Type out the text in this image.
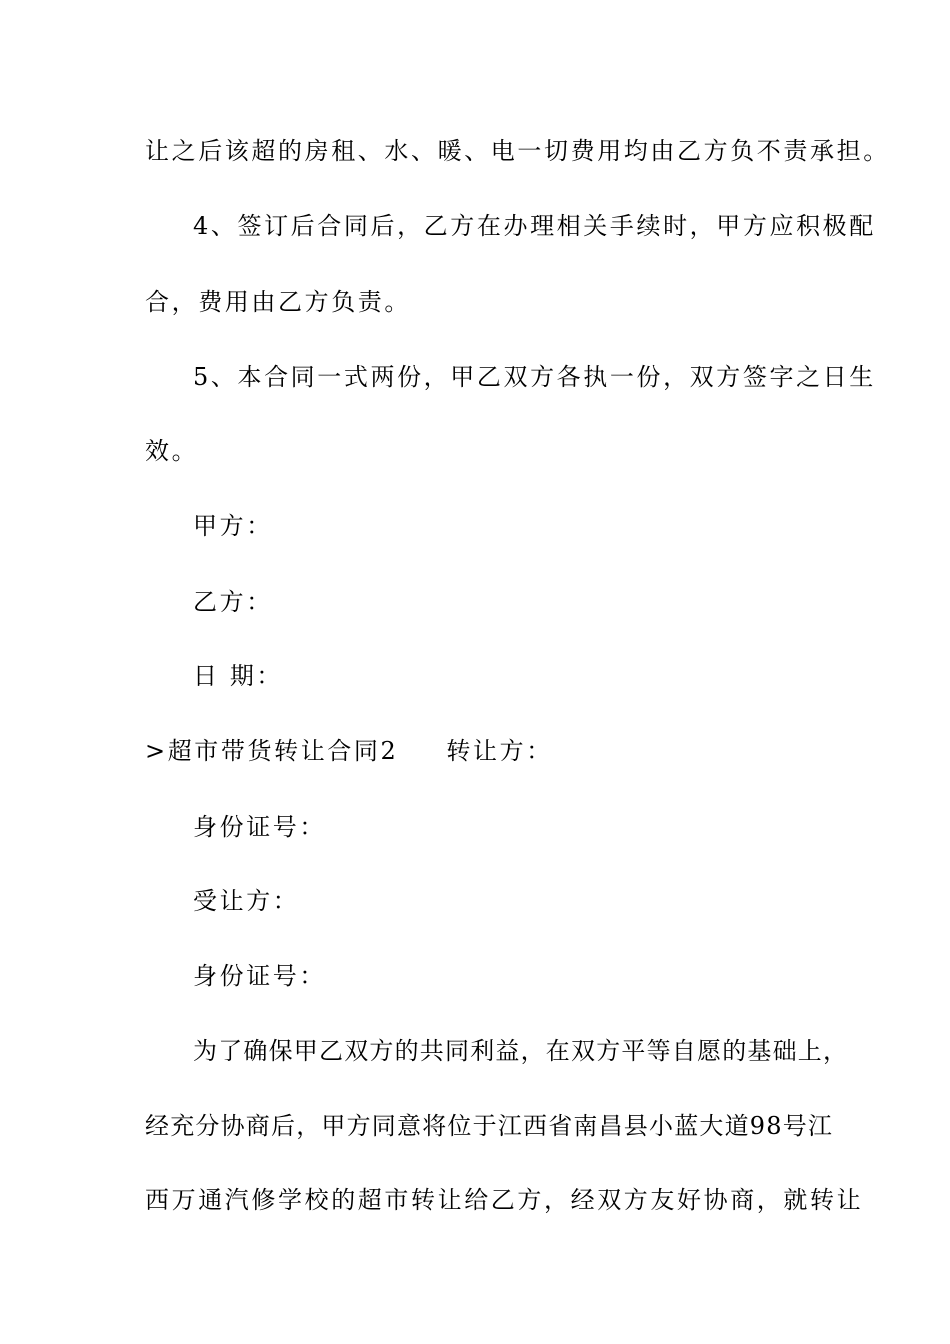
让之后该超的房租、水、暖、电一切费用均由乙方负不责承担。
4、签订后合同后，乙方在办理相关手续时，甲方应积极配
合，费用由乙方负责。
5、本合同一式两份，甲乙双方各执一份，双方签字之日生
效。
甲方：
乙方：
日 期：
>超市带货转让合同2 转让方：
身份证号：
受让方：
身份证号：
为了确保甲乙双方的共同利益，在双方平等自愿的基础上，
经充分协商后，甲方同意将位于江西省南昌县小蓝大道98号江
西万通汽修学校的超市转让给乙方，经双方友好协商，就转让
